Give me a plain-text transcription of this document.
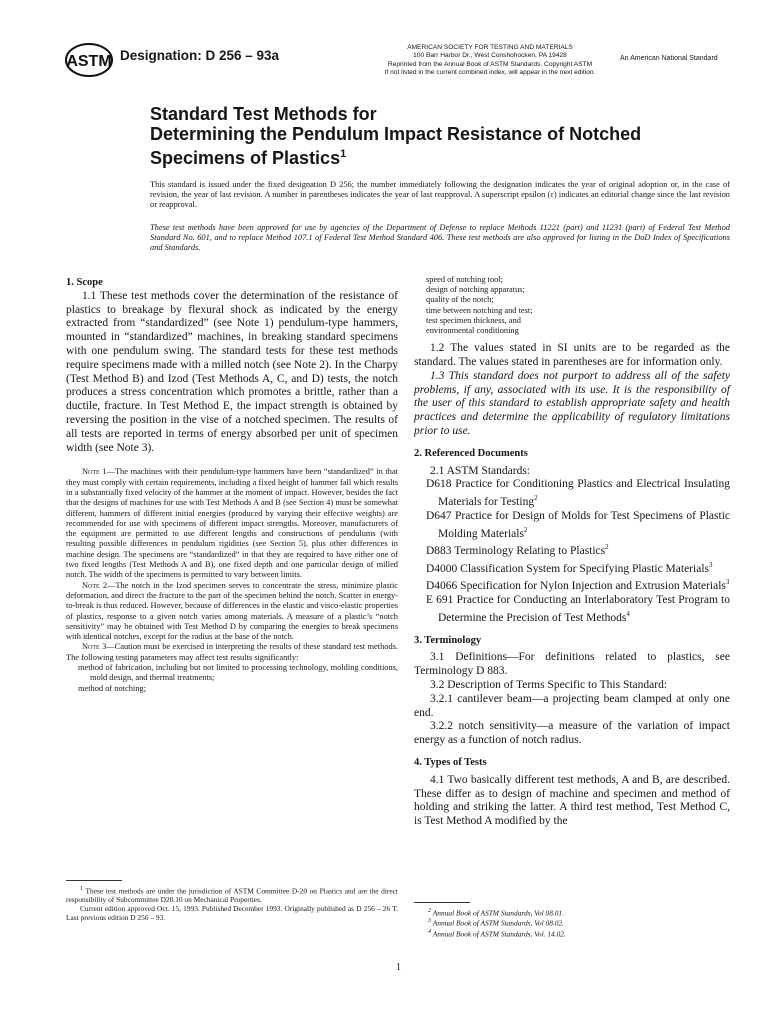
ASTM Designation: D 256 – 93a
AMERICAN SOCIETY FOR TESTING AND MATERIALS
100 Barr Harbor Dr., West Conshohocken, PA 19428
Reprinted from the Annual Book of ASTM Standards. Copyright ASTM
If not listed in the current combined index, will appear in the next edition.
An American National Standard
Standard Test Methods for
Determining the Pendulum Impact Resistance of Notched
Specimens of Plastics$^1$

This standard is issued under the fixed designation D 256; the number immediately following the designation indicates the year of original adoption or, in the case of revision, the year of last revision. A number in parentheses indicates the year of last reapproval. A superscript epsilon (ε) indicates an editorial change since the last revision or reapproval.

These test methods have been approved for use by agencies of the Department of Defense to replace Methods 11221 (part) and 11231 (part) of Federal Test Method Standard No. 601, and to replace Method 107.1 of Federal Test Method Standard 406. These test methods are also approved for listing in the DoD Index of Specifications and Standards.

1. Scope

1.1 These test methods cover the determination of the resistance of plastics to breakage by flexural shock as indicated by the energy extracted from “standardized” (see Note 1) pendulum-type hammers, mounted in “standardized” machines, in breaking standard specimens with one pendulum swing. The standard tests for these test methods require specimens made with a milled notch (see Note 2). In the Charpy (Test Method B) and Izod (Test Methods A, C, and D) tests, the notch produces a stress concentration which promotes a brittle, rather than a ductile, fracture. In Test Method E, the impact strength is obtained by reversing the position in the vise of a notched specimen. The results of all tests are reported in terms of energy absorbed per unit of specimen width (see Note 3).

Note 1—The machines with their pendulum-type hammers have been “standardized” in that they must comply with certain requirements, including a fixed height of hammer fall which results in a substantially fixed velocity of the hammer at the moment of impact. However, besides the fact that the designs of machines for use with Test Methods A and B (see Section 4) must be somewhat different, hammers of different initial energies (produced by varying their effective weights) are recommended for use with specimens of different impact strengths. Moreover, manufacturers of the equipment are permitted to use different lengths and constructions of pendulums (with resulting possible differences in pendulum rigidities (see Section 5), plus other differences in machine design. The specimens are “standardized” in that they are required to have either one of two fixed lengths (Test Methods A and B), one fixed depth and one particular design of milled notch. The width of the specimens is permitted to vary between limits.

Note 2—The notch in the Izod specimen serves to concentrate the stress, minimize plastic deformation, and direct the fracture to the part of the specimen behind the notch. Scatter in energy-to-break is thus reduced. However, because of differences in the elastic and visco-elastic properties of plastics, response to a given notch varies among materials. A measure of a plastic’s “notch sensitivity” may be obtained with Test Method D by comparing the energies to break specimens with identical notches, except for the radius at the base of the notch.

Note 3—Caution must be exercised in interpreting the results of these standard test methods. The following testing parameters may affect test results significantly:

method of fabrication, including but not limited to processing technology, molding conditions, mold design, and thermal treatments;

method of notching;

$^1$ These test methods are under the jurisdiction of ASTM Committee D-20 on Plastics and are the direct responsibility of Subcommittee D20.10 on Mechanical Properties.

Current edition approved Oct. 15, 1993. Published December 1993. Originally published as D 256 – 26 T. Last previous edition D 256 – 93.

speed of notching tool;
design of notching apparatus;
quality of the notch;
time between notching and test;
test specimen thickness, and
environmental conditioning

1.2 The values stated in SI units are to be regarded as the standard. The values stated in parentheses are for information only.

1.3 This standard does not purport to address all of the safety problems, if any, associated with its use. It is the responsibility of the user of this standard to establish appropriate safety and health practices and determine the applicability of regulatory limitations prior to use.

2. Referenced Documents

2.1 ASTM Standards:

D618 Practice for Conditioning Plastics and Electrical Insulating Materials for Testing$^2$

D647 Practice for Design of Molds for Test Specimens of Plastic Molding Materials$^2$

D883 Terminology Relating to Plastics$^2$

D4000 Classification System for Specifying Plastic Materials$^3$

D4066 Specification for Nylon Injection and Extrusion Materials$^3$

E 691 Practice for Conducting an Interlaboratory Test Program to Determine the Precision of Test Methods$^4$

3. Terminology

3.1 Definitions—For definitions related to plastics, see Terminology D 883.

3.2 Description of Terms Specific to This Standard:

3.2.1 cantilever beam—a projecting beam clamped at only one end.

3.2.2 notch sensitivity—a measure of the variation of impact energy as a function of notch radius.

4. Types of Tests

4.1 Two basically different test methods, A and B, are described. These differ as to design of machine and specimen and method of holding and striking the latter. A third test method, Test Method C, is Test Method A modified by the

$^2$ Annual Book of ASTM Standards, Vol 08.01.

$^3$ Annual Book of ASTM Standards, Vol 08.02.

$^4$ Annual Book of ASTM Standards, Vol. 14.02.

1
